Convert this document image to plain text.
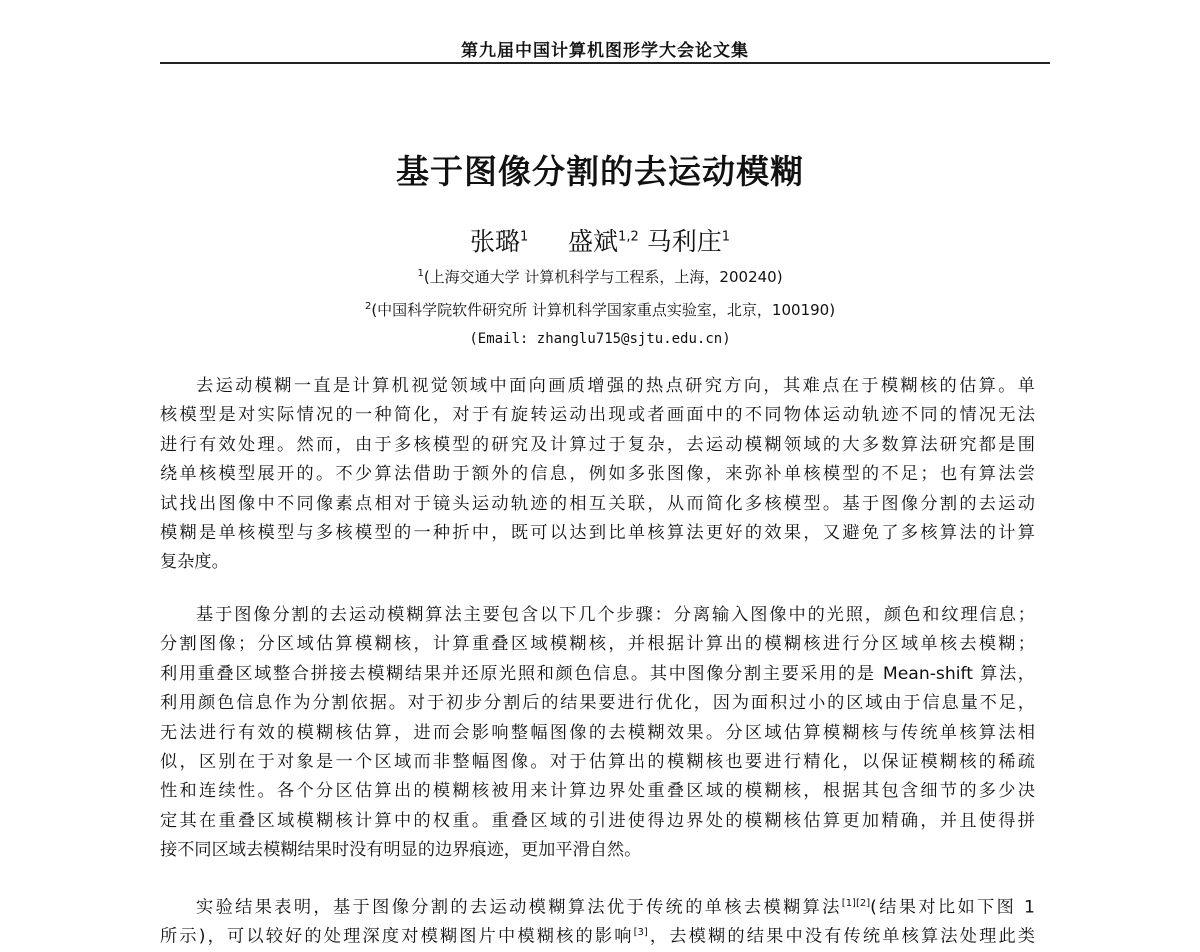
第九届中国计算机图形学大会论文集
基于图像分割的去运动模糊
张璐$^1$ 盛斌$^{1,2}$ 马利庄$^1$
$^1$(上海交通大学 计算机科学与工程系，上海，200240)
$^2$(中国科学院软件研究所 计算机科学国家重点实验室，北京，100190)
(Email: zhanglu715@sjtu.edu.cn)
去运动模糊一直是计算机视觉领域中面向画质增强的热点研究方向，其难点在于模糊核的估算。单
核模型是对实际情况的一种简化，对于有旋转运动出现或者画面中的不同物体运动轨迹不同的情况无法
进行有效处理。然而，由于多核模型的研究及计算过于复杂，去运动模糊领域的大多数算法研究都是围
绕单核模型展开的。不少算法借助于额外的信息，例如多张图像，来弥补单核模型的不足；也有算法尝
试找出图像中不同像素点相对于镜头运动轨迹的相互关联，从而简化多核模型。基于图像分割的去运动
模糊是单核模型与多核模型的一种折中，既可以达到比单核算法更好的效果，又避免了多核算法的计算
复杂度。
基于图像分割的去运动模糊算法主要包含以下几个步骤：分离输入图像中的光照，颜色和纹理信息；
分割图像；分区域估算模糊核，计算重叠区域模糊核，并根据计算出的模糊核进行分区域单核去模糊；
利用重叠区域整合拼接去模糊结果并还原光照和颜色信息。其中图像分割主要采用的是 Mean-shift 算法，
利用颜色信息作为分割依据。对于初步分割后的结果要进行优化，因为面积过小的区域由于信息量不足，
无法进行有效的模糊核估算，进而会影响整幅图像的去模糊效果。分区域估算模糊核与传统单核算法相
似，区别在于对象是一个区域而非整幅图像。对于估算出的模糊核也要进行精化，以保证模糊核的稀疏
性和连续性。各个分区估算出的模糊核被用来计算边界处重叠区域的模糊核，根据其包含细节的多少决
定其在重叠区域模糊核计算中的权重。重叠区域的引进使得边界处的模糊核估算更加精确，并且使得拼
接不同区域去模糊结果时没有明显的边界痕迹，更加平滑自然。
实验结果表明，基于图像分割的去运动模糊算法优于传统的单核去模糊算法[1][2](结果对比如下图 1
所示)，可以较好的处理深度对模糊图片中模糊核的影响[3]，去模糊的结果中没有传统单核算法处理此类
